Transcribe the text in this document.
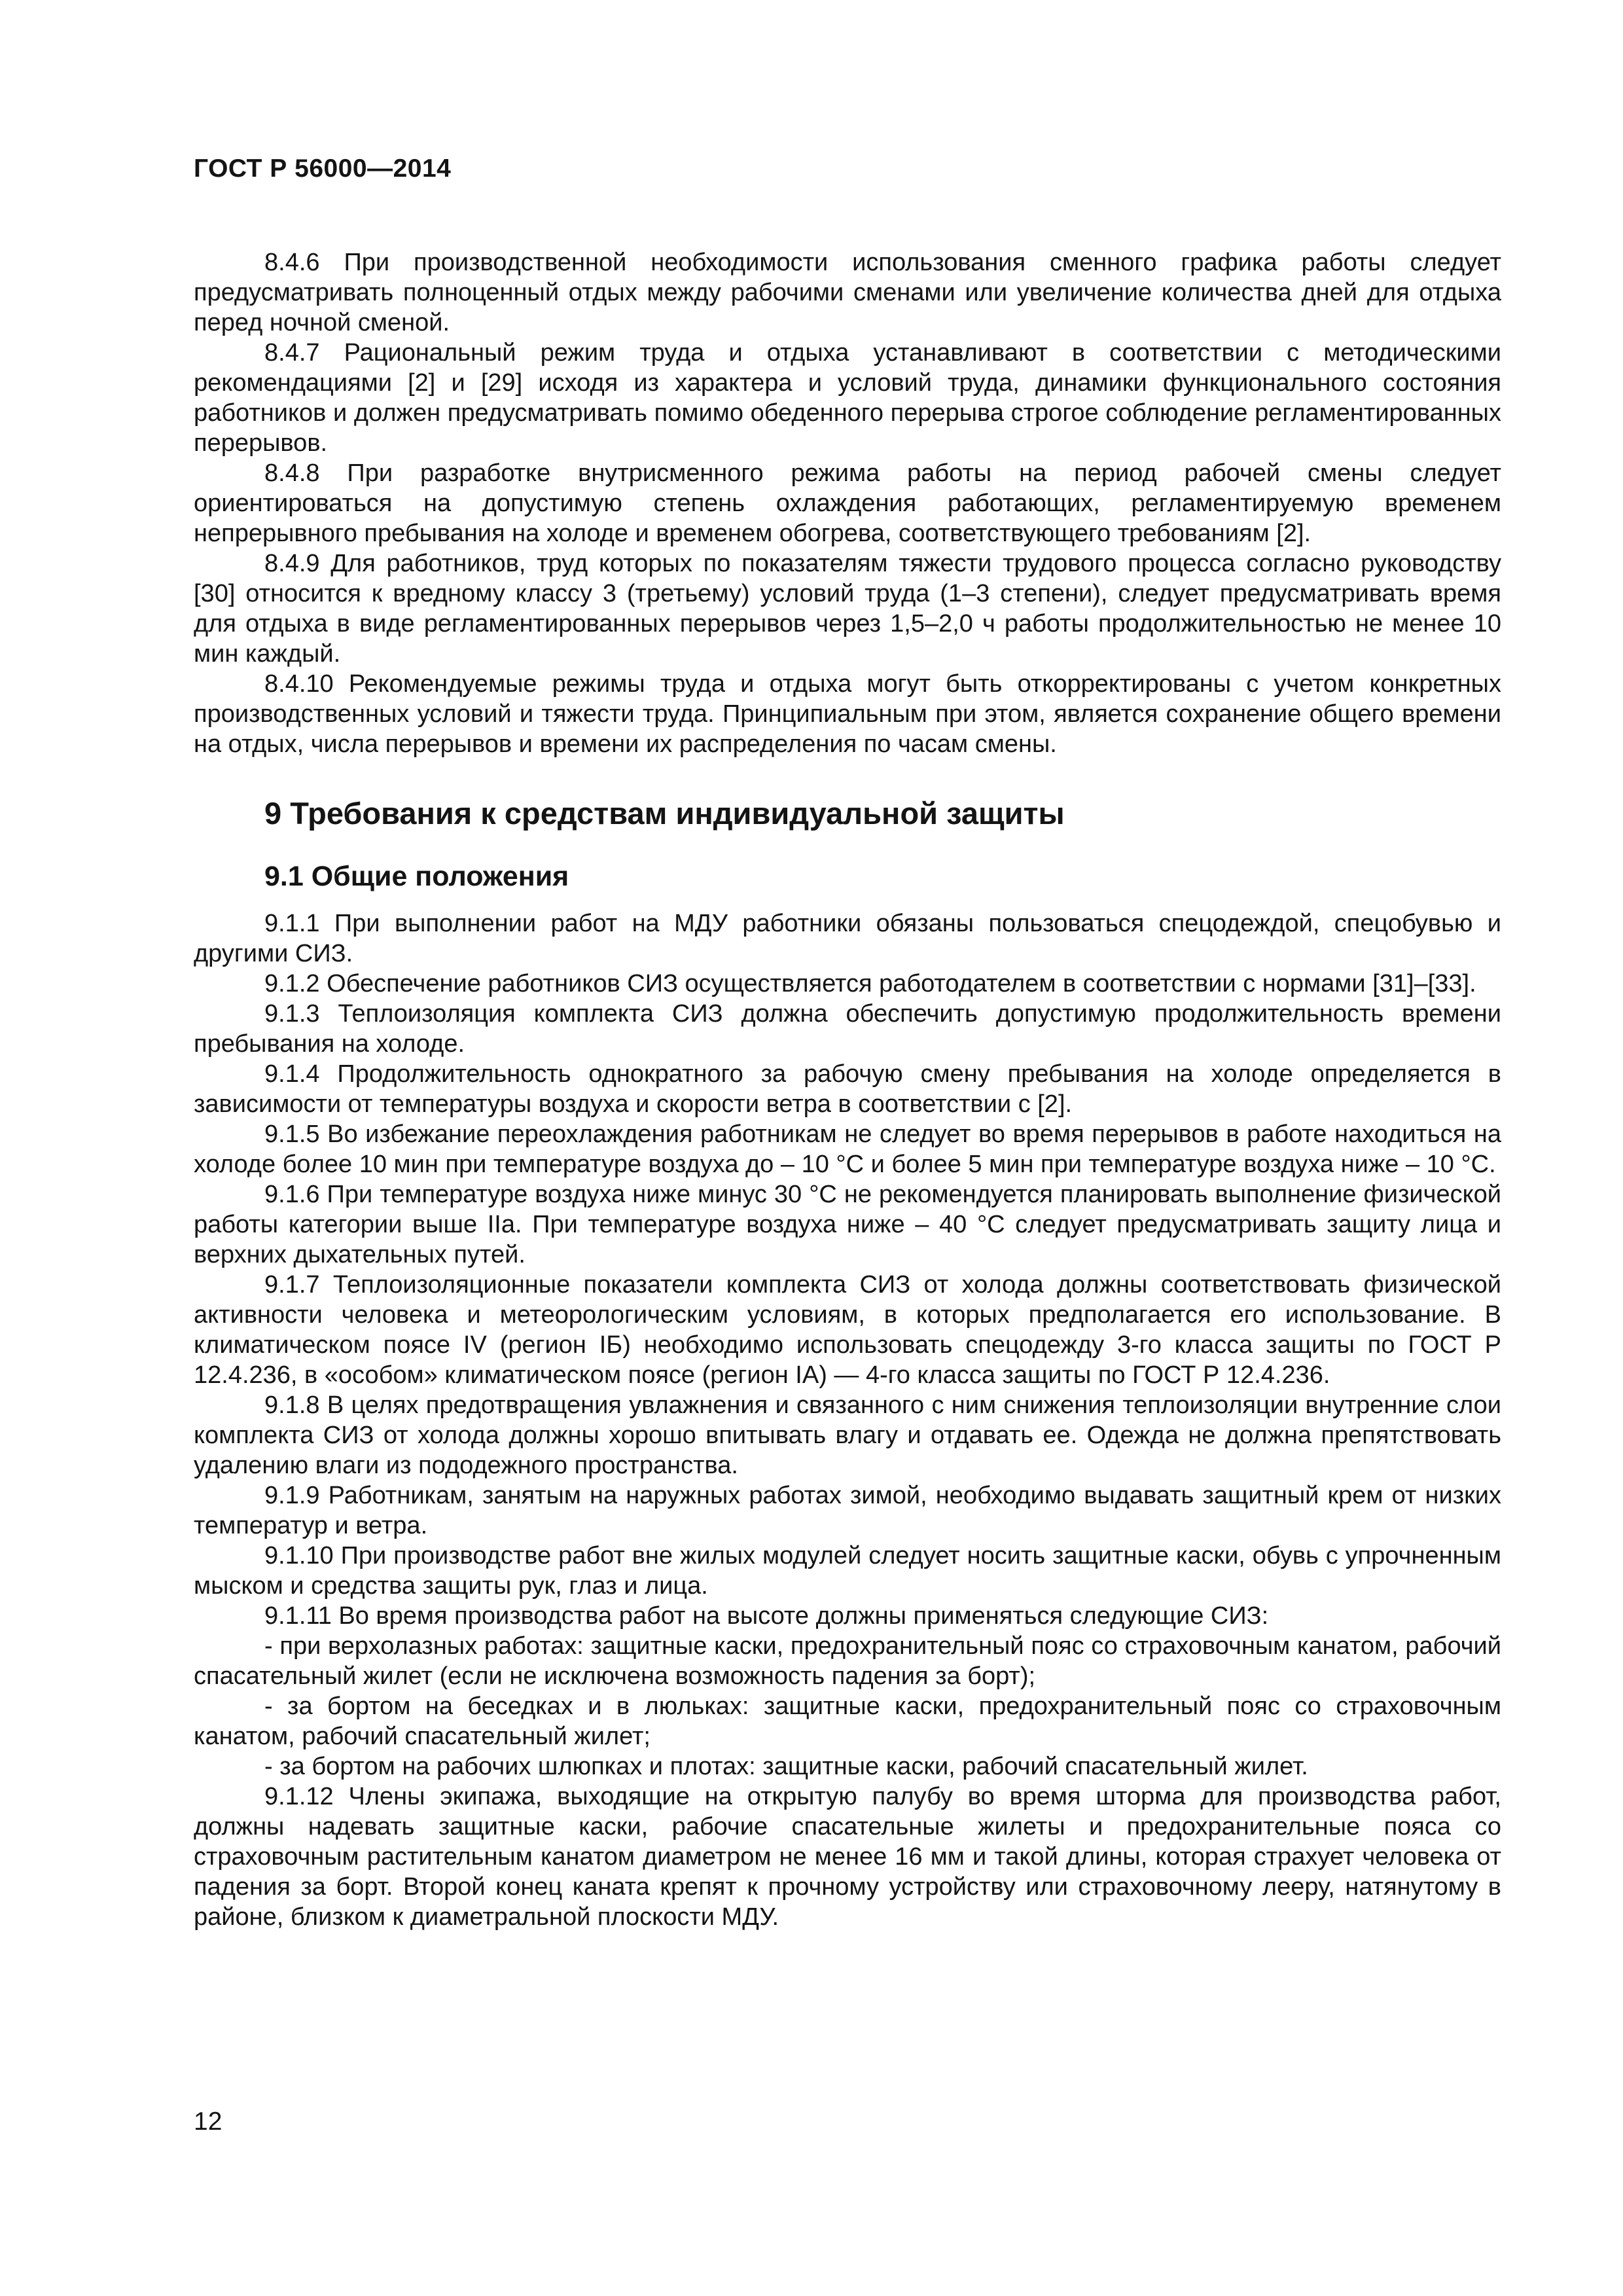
ГОСТ Р 56000—2014

8.4.6 При производственной необходимости использования сменного графика работы следует предусматривать полноценный отдых между рабочими сменами или увеличение количества дней для отдыха перед ночной сменой.

8.4.7 Рациональный режим труда и отдыха устанавливают в соответствии с методическими рекомендациями [2] и [29] исходя из характера и условий труда, динамики функционального состояния работников и должен предусматривать помимо обеденного перерыва строгое соблюдение регламентированных перерывов.

8.4.8 При разработке внутрисменного режима работы на период рабочей смены следует ориентироваться на допустимую степень охлаждения работающих, регламентируемую временем непрерывного пребывания на холоде и временем обогрева, соответствующего требованиям [2].

8.4.9 Для работников, труд которых по показателям тяжести трудового процесса согласно руководству [30] относится к вредному классу 3 (третьему) условий труда (1–3 степени), следует предусматривать время для отдыха в виде регламентированных перерывов через 1,5–2,0 ч работы продолжительностью не менее 10 мин каждый.

8.4.10 Рекомендуемые режимы труда и отдыха могут быть откорректированы с учетом конкретных производственных условий и тяжести труда. Принципиальным при этом, является сохранение общего времени на отдых, числа перерывов и времени их распределения по часам смены.

9 Требования к средствам индивидуальной защиты
9.1 Общие положения

9.1.1 При выполнении работ на МДУ работники обязаны пользоваться спецодеждой, спецобувью и другими СИЗ.

9.1.2 Обеспечение работников СИЗ осуществляется работодателем в соответствии с нормами [31]–[33].

9.1.3 Теплоизоляция комплекта СИЗ должна обеспечить допустимую продолжительность времени пребывания на холоде.

9.1.4 Продолжительность однократного за рабочую смену пребывания на холоде определяется в зависимости от температуры воздуха и скорости ветра в соответствии с [2].

9.1.5 Во избежание переохлаждения работникам не следует во время перерывов в работе находиться на холоде более 10 мин при температуре воздуха до – 10 °С и более 5 мин при температуре воздуха ниже – 10 °С.

9.1.6 При температуре воздуха ниже минус 30 °С не рекомендуется планировать выполнение физической работы категории выше IIа. При температуре воздуха ниже – 40 °С следует предусматривать защиту лица и верхних дыхательных путей.

9.1.7 Теплоизоляционные показатели комплекта СИЗ от холода должны соответствовать физической активности человека и метеорологическим условиям, в которых предполагается его использование. В климатическом поясе IV (регион IБ) необходимо использовать спецодежду 3-го класса защиты по ГОСТ Р 12.4.236, в «особом» климатическом поясе (регион IА) — 4-го класса защиты по ГОСТ Р 12.4.236.

9.1.8 В целях предотвращения увлажнения и связанного с ним снижения теплоизоляции внутренние слои комплекта СИЗ от холода должны хорошо впитывать влагу и отдавать ее. Одежда не должна препятствовать удалению влаги из пододежного пространства.

9.1.9 Работникам, занятым на наружных работах зимой, необходимо выдавать защитный крем от низких температур и ветра.

9.1.10 При производстве работ вне жилых модулей следует носить защитные каски, обувь с упрочненным мыском и средства защиты рук, глаз и лица.

9.1.11 Во время производства работ на высоте должны применяться следующие СИЗ:

- при верхолазных работах: защитные каски, предохранительный пояс со страховочным канатом, рабочий спасательный жилет (если не исключена возможность падения за борт);

- за бортом на беседках и в люльках: защитные каски, предохранительный пояс со страховочным канатом, рабочий спасательный жилет;

- за бортом на рабочих шлюпках и плотах: защитные каски, рабочий спасательный жилет.

9.1.12 Члены экипажа, выходящие на открытую палубу во время шторма для производства работ, должны надевать защитные каски, рабочие спасательные жилеты и предохранительные пояса со страховочным растительным канатом диаметром не менее 16 мм и такой длины, которая страхует человека от падения за борт. Второй конец каната крепят к прочному устройству или страховочному лееру, натянутому в районе, близком к диаметральной плоскости МДУ.

12
